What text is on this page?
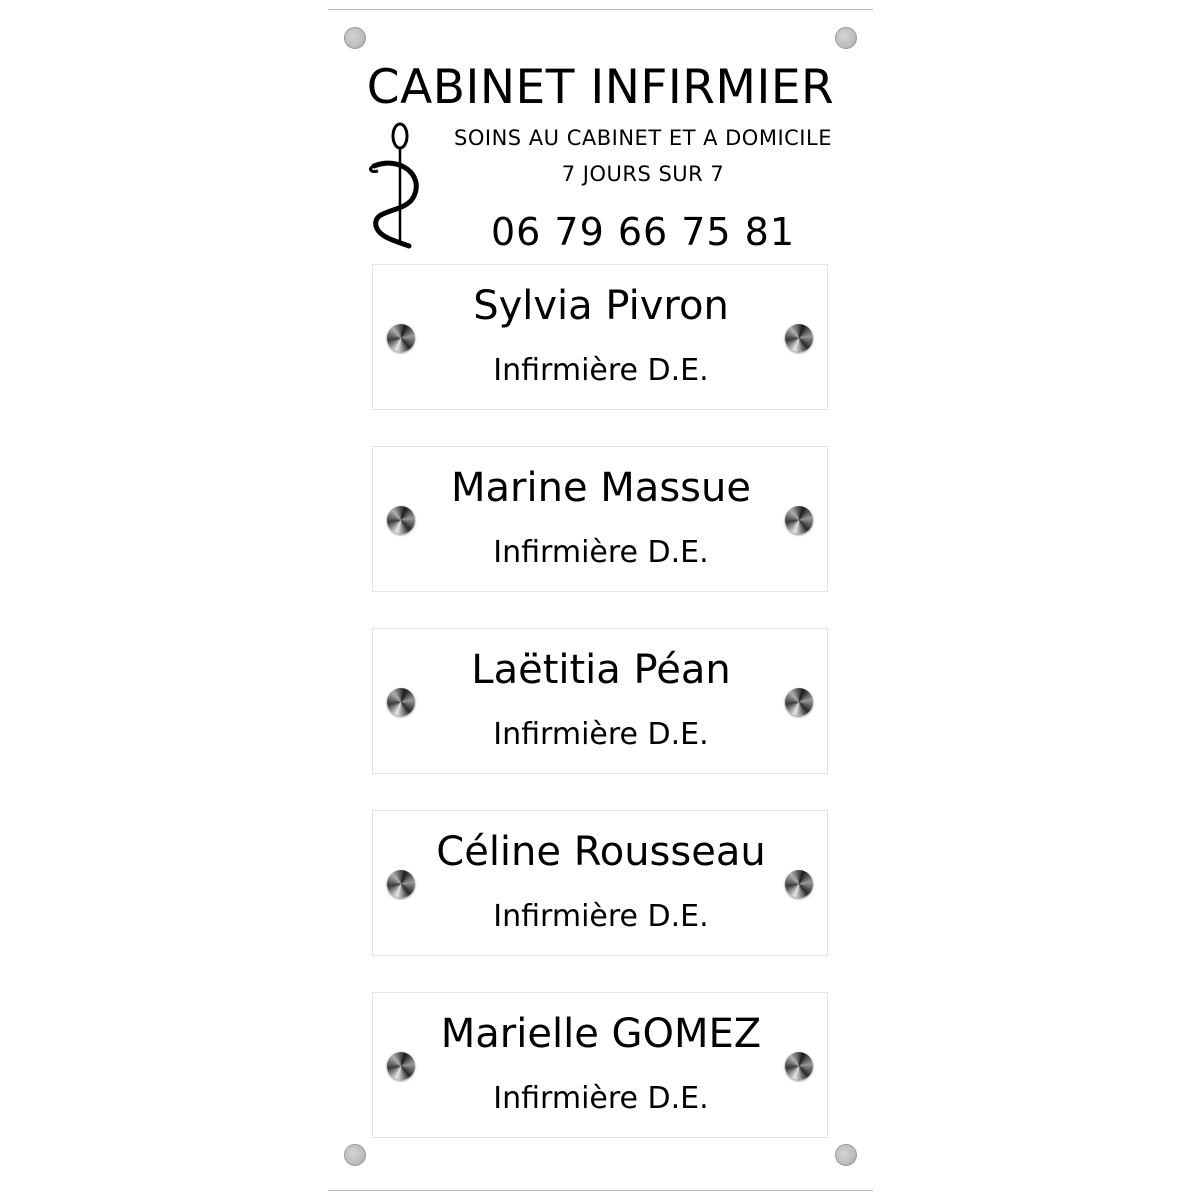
CABINET INFIRMIER
SOINS AU CABINET ET A DOMICILE
7 JOURS SUR 7
06 79 66 75 81
Sylvia Pivron
Infirmière D.E.
Marine Massue
Infirmière D.E.
Laëtitia Péan
Infirmière D.E.
Céline Rousseau
Infirmière D.E.
Marielle GOMEZ
Infirmière D.E.
